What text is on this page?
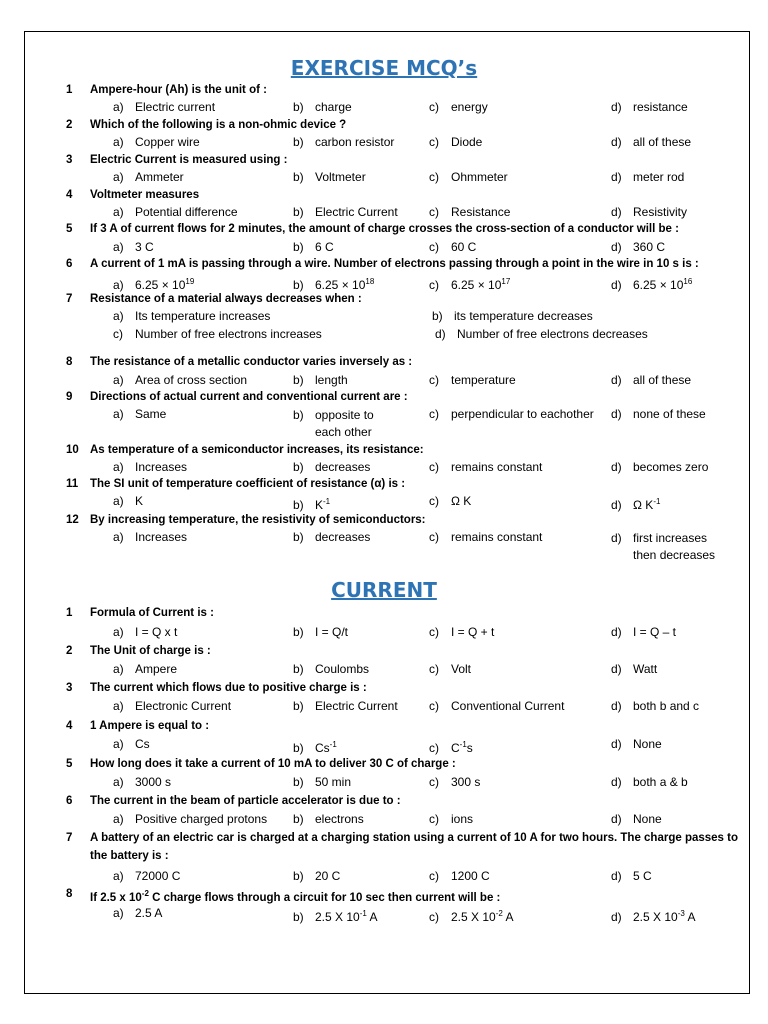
EXERCISE MCQ’s
1	Ampere-hour (Ah) is the unit of :
a) Electric current	b) charge	c) energy	d) resistance
2	Which of the following is a non-ohmic device ?
a) Copper wire	b) carbon resistor	c) Diode	d) all of these
3	Electric Current is measured using :
a) Ammeter	b) Voltmeter	c) Ohmmeter	d) meter rod
4	Voltmeter measures
a) Potential difference	b) Electric Current	c) Resistance	d) Resistivity
5	If 3 A of current flows for 2 minutes, the amount of charge crosses the cross-section of a conductor will be :
a) 3 C	b) 6 C	c) 60 C	d) 360 C
6	A current of 1 mA is passing through a wire. Number of electrons passing through a point in the wire in 10 s is :
a) $6.25 \times 10^{19}$	b) $6.25 \times 10^{18}$	c) $6.25 \times 10^{17}$	d) $6.25 \times 10^{16}$
7	Resistance of a material always decreases when :
a) Its temperature increases	b) its temperature decreases
c) Number of free electrons increases	d) Number of free electrons decreases
8	The resistance of a metallic conductor varies inversely as :
a) Area of cross section	b) length	c) temperature	d) all of these
9	Directions of actual current and conventional current are :
a) Same	b) opposite to each other
c) perpendicular to eachother d) none of these
10 As temperature of a semiconductor increases, its resistance:
a) Increases	b) decreases	c) remains constant	d) becomes zero
11	The SI unit of temperature coefficient of resistance (α) is :
a) K	b) $K^{-1}$	c) Ω K	d) Ω $K^{-1}$
12 By increasing temperature, the resistivity of semiconductors:
a) Increases	b) decreases	c) remains constant	d) first increases then decreases
CURRENT
1	Formula of Current is :
a) I = Q x t	b) I = Q/t	c) I = Q + t	d) I = Q – t
2	The Unit of charge is :
a) Ampere	b) Coulombs	c) Volt	d) Watt
3	The current which flows due to positive charge is :
a) Electronic Current	b) Electric Current	c) Conventional Current	d) both b and c
4	1 Ampere is equal to :
a) Cs	b) $Cs^{-1}$	c) $C^{-1}s$	d) None
5	How long does it take a current of 10 mA to deliver 30 C of charge :
a) 3000 s	b) 50 min	c) 300 s	d) both a & b
6	The current in the beam of particle accelerator is due to :
a) Positive charged protons b) electrons	c) ions	d) None
7	A battery of an electric car is charged at a charging station using a current of 10 A for two hours. The charge passes to the battery is :
a) 72000 C	b) 20 C	c) 1200 C	d) 5 C
8	If 2.5 x $10^{-2}$ C charge flows through a circuit for 10 sec then current will be :
a) 2.5 A	b) 2.5 X $10^{-1}$ A	c) 2.5 X $10^{-2}$ A	d) 2.5 X $10^{-3}$ A
